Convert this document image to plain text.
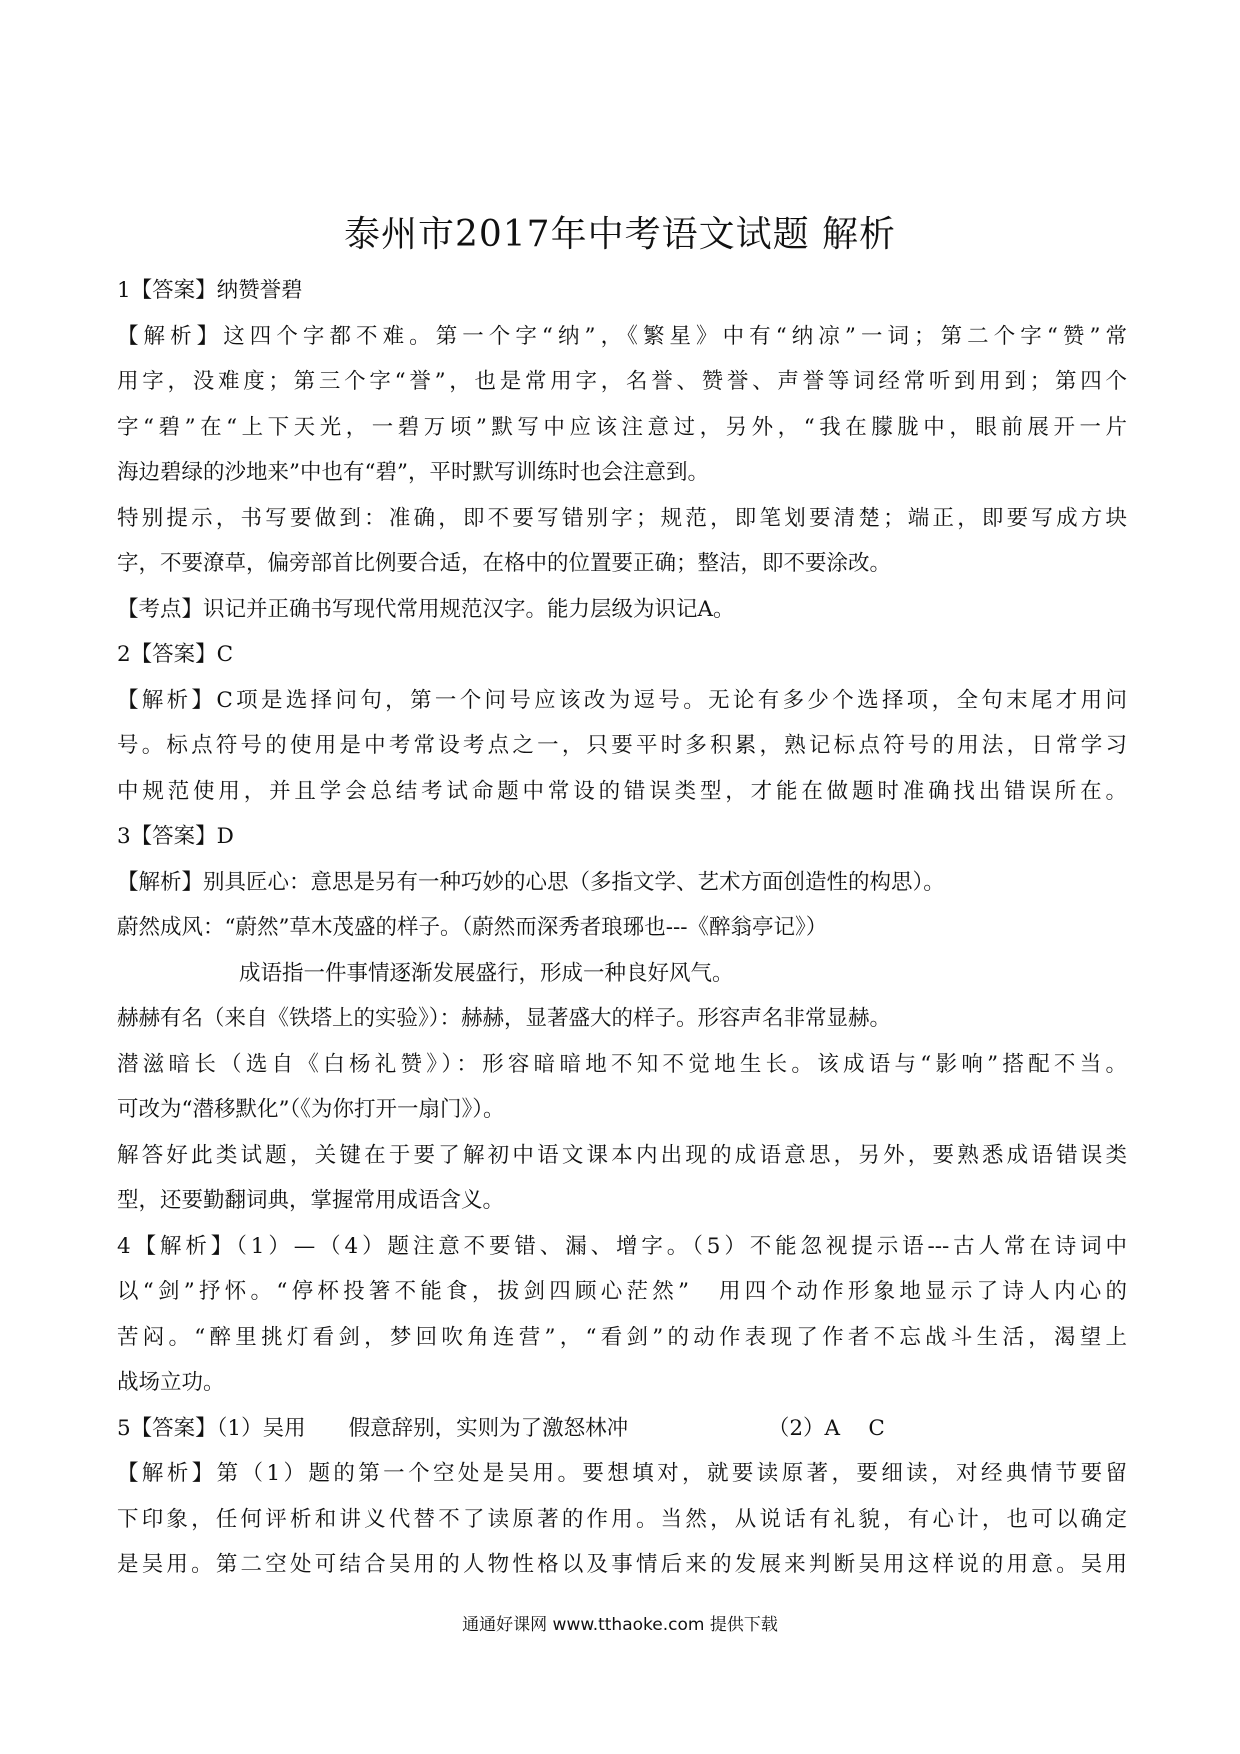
泰州市2017年中考语文试题 解析
1【答案】纳赞誉碧
【解析】这四个字都不难。第一个字“纳”，《繁星》中有“纳凉”一词；第二个字“赞”常
用字，没难度；第三个字“誉”，也是常用字，名誉、赞誉、声誉等词经常听到用到；第四个
字“碧”在“上下天光，一碧万顷”默写中应该注意过，另外，“我在朦胧中，眼前展开一片
海边碧绿的沙地来”中也有“碧”，平时默写训练时也会注意到。
特别提示，书写要做到：准确，即不要写错别字；规范，即笔划要清楚；端正，即要写成方块
字，不要潦草，偏旁部首比例要合适，在格中的位置要正确；整洁，即不要涂改。
【考点】识记并正确书写现代常用规范汉字。能力层级为识记A。
2【答案】C
【解析】C项是选择问句，第一个问号应该改为逗号。无论有多少个选择项，全句末尾才用问
号。标点符号的使用是中考常设考点之一，只要平时多积累，熟记标点符号的用法，日常学习
中规范使用，并且学会总结考试命题中常设的错误类型，才能在做题时准确找出错误所在。
3【答案】D
【解析】别具匠心：意思是另有一种巧妙的心思（多指文学、艺术方面创造性的构思）。
蔚然成风：“蔚然”草木茂盛的样子。（蔚然而深秀者琅琊也---《醉翁亭记》）
成语指一件事情逐渐发展盛行，形成一种良好风气。
赫赫有名（来自《铁塔上的实验》）：赫赫，显著盛大的样子。形容声名非常显赫。
潜滋暗长（选自《白杨礼赞》）：形容暗暗地不知不觉地生长。该成语与“影响”搭配不当。
可改为“潜移默化”（《为你打开一扇门》）。
解答好此类试题，关键在于要了解初中语文课本内出现的成语意思，另外，要熟悉成语错误类
型，还要勤翻词典，掌握常用成语含义。
4【解析】（1）—（4）题注意不要错、漏、增字。（5）不能忽视提示语---古人常在诗词中
以“剑”抒怀。“停杯投箸不能食，拔剑四顾心茫然”　用四个动作形象地显示了诗人内心的
苦闷。“醉里挑灯看剑，梦回吹角连营”，“看剑”的动作表现了作者不忘战斗生活，渴望上
战场立功。
5【答案】（1）吴用　　假意辞别，实则为了激怒林冲　　　　　　　（2）A　 C
【解析】第（1）题的第一个空处是吴用。要想填对，就要读原著，要细读，对经典情节要留
下印象，任何评析和讲义代替不了读原著的作用。当然，从说话有礼貌，有心计，也可以确定
是吴用。第二空处可结合吴用的人物性格以及事情后来的发展来判断吴用这样说的用意。吴用
通通好课网 www.tthaoke.com 提供下载
